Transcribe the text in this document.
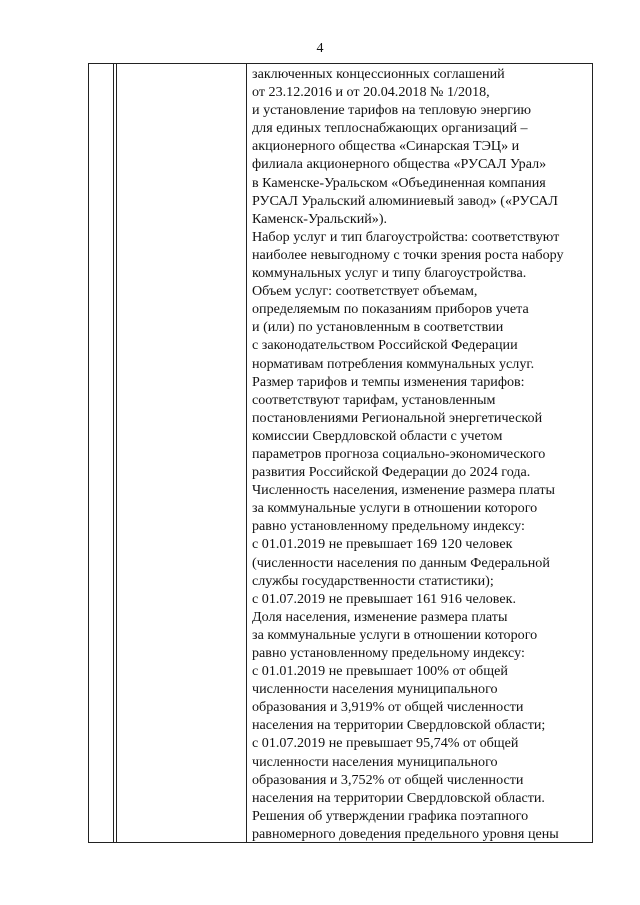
4
заключенных концессионных соглашений
от 23.12.2016 и от 20.04.2018 № 1/2018,
и установление тарифов на тепловую энергию
для единых теплоснабжающих организаций –
акционерного общества «Синарская ТЭЦ» и
филиала акционерного общества «РУСАЛ Урал»
в Каменске-Уральском «Объединенная компания
РУСАЛ Уральский алюминиевый завод» («РУСАЛ
Каменск-Уральский»).
Набор услуг и тип благоустройства: соответствуют
наиболее невыгодному с точки зрения роста набору
коммунальных услуг и типу благоустройства.
Объем услуг: соответствует объемам,
определяемым по показаниям приборов учета
и (или) по установленным в соответствии
с законодательством Российской Федерации
нормативам потребления коммунальных услуг.
Размер тарифов и темпы изменения тарифов:
соответствуют тарифам, установленным
постановлениями Региональной энергетической
комиссии Свердловской области с учетом
параметров прогноза социально-экономического
развития Российской Федерации до 2024 года.
Численность населения, изменение размера платы
за коммунальные услуги в отношении которого
равно установленному предельному индексу:
с 01.01.2019 не превышает 169 120 человек
(численности населения по данным Федеральной
службы государственности статистики);
с 01.07.2019 не превышает 161 916 человек.
Доля населения, изменение размера платы
за коммунальные услуги в отношении которого
равно установленному предельному индексу:
с 01.01.2019 не превышает 100% от общей
численности населения муниципального
образования и 3,919% от общей численности
населения на территории Свердловской области;
с 01.07.2019 не превышает 95,74% от общей
численности населения муниципального
образования и 3,752% от общей численности
населения на территории Свердловской области.
Решения об утверждении графика поэтапного
равномерного доведения предельного уровня цены
